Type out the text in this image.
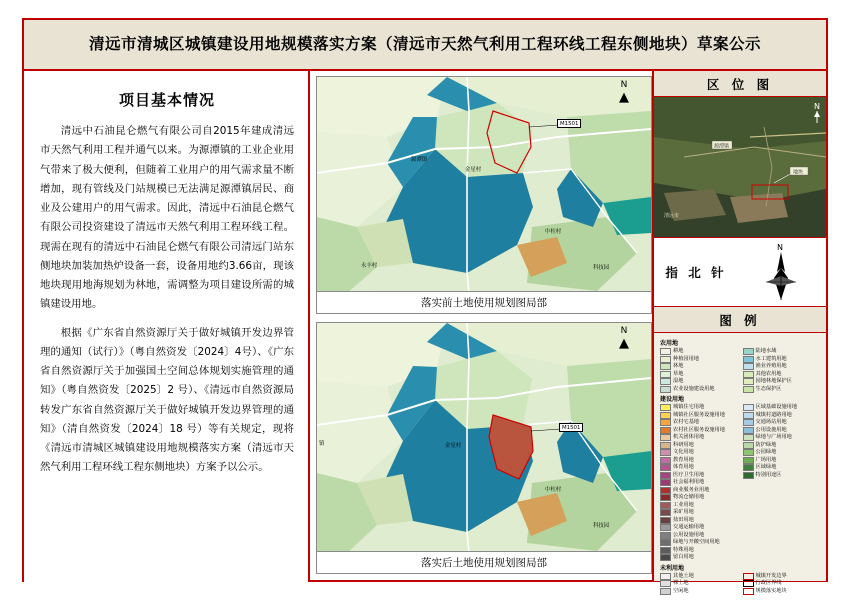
清远市清城区城镇建设用地规模落实方案（清远市天然气利用工程环线工程东侧地块）草案公示
项目基本情况

清远中石油昆仑燃气有限公司自2015年建成清远市天然气利用工程并通气以来。为源潭镇的工业企业用气带来了极大便利，但随着工业用户的用气需求量不断增加，现有管线及门站规模已无法满足源潭镇居民、商业及公建用户的用气需求。因此，清远中石油昆仑燃气有限公司投资建设了清远市天然气利用工程环线工程。现需在现有的清远中石油昆仑燃气有限公司清远门站东侧地块加装加热炉设备一套，设备用地约3.66亩，现该地块现用地海规划为林地，需调整为项目建设所需的城镇建设用地。

根据《广东省自然资源厅关于做好城镇开发边界管理的通知（试行）》（粤自然资发〔2024〕4号）、《广东省自然资源厅关于加强国土空间总体规划实施管理的通知》（粤自然资发〔2025〕2 号）、《清远市自然资源局转发广东省自然资源厅关于做好城镇开发边界管理的通知》（清自然资发〔2024〕18 号）等有关规定，现将《清远市清城区城镇建设用地规模落实方案（清远市天然气利用工程环线工程东侧地块）方案予以公示。

N
▲
源潭镇
金星村
M1501
中柱村
永丰村	科技园
落实前土地使用规划图局部
N
▲
金星村
M1501
镇
中柱村
科技园
落实后土地使用规划图局部
区 位 图
地块
源潭镇
清远市
N
指 北 针
N
图 例
农用地
耕地
种植园用地
林地
草地
湿地
农业设施建设用地
陆地水域
水工建筑用地
渔业养殖用地
其他农用地
园地林地保护区
生态保护区
建设用地
城镇住宅用地
城镇社区服务设施用地
农村宅基地
农村社区服务设施用地
机关团体用地
科研用地
文化用地
教育用地
体育用地
医疗卫生用地
社会福利用地
商业服务业用地
物流仓储用地
工业用地
采矿用地
盐田用地
交通运输用地
公用设施用地
绿地与开敞空间用地
特殊用地
留白用地
区域基础设施用地
城镇村道路用地
交通场站用地
公用设施用地
绿地与广场用地
防护绿地
公园绿地
广场用地
区域绿地
特别用途区
未利用地
其他土地
裸土地
空闲地
城镇开发边界
行政区界线
规模落实地块
